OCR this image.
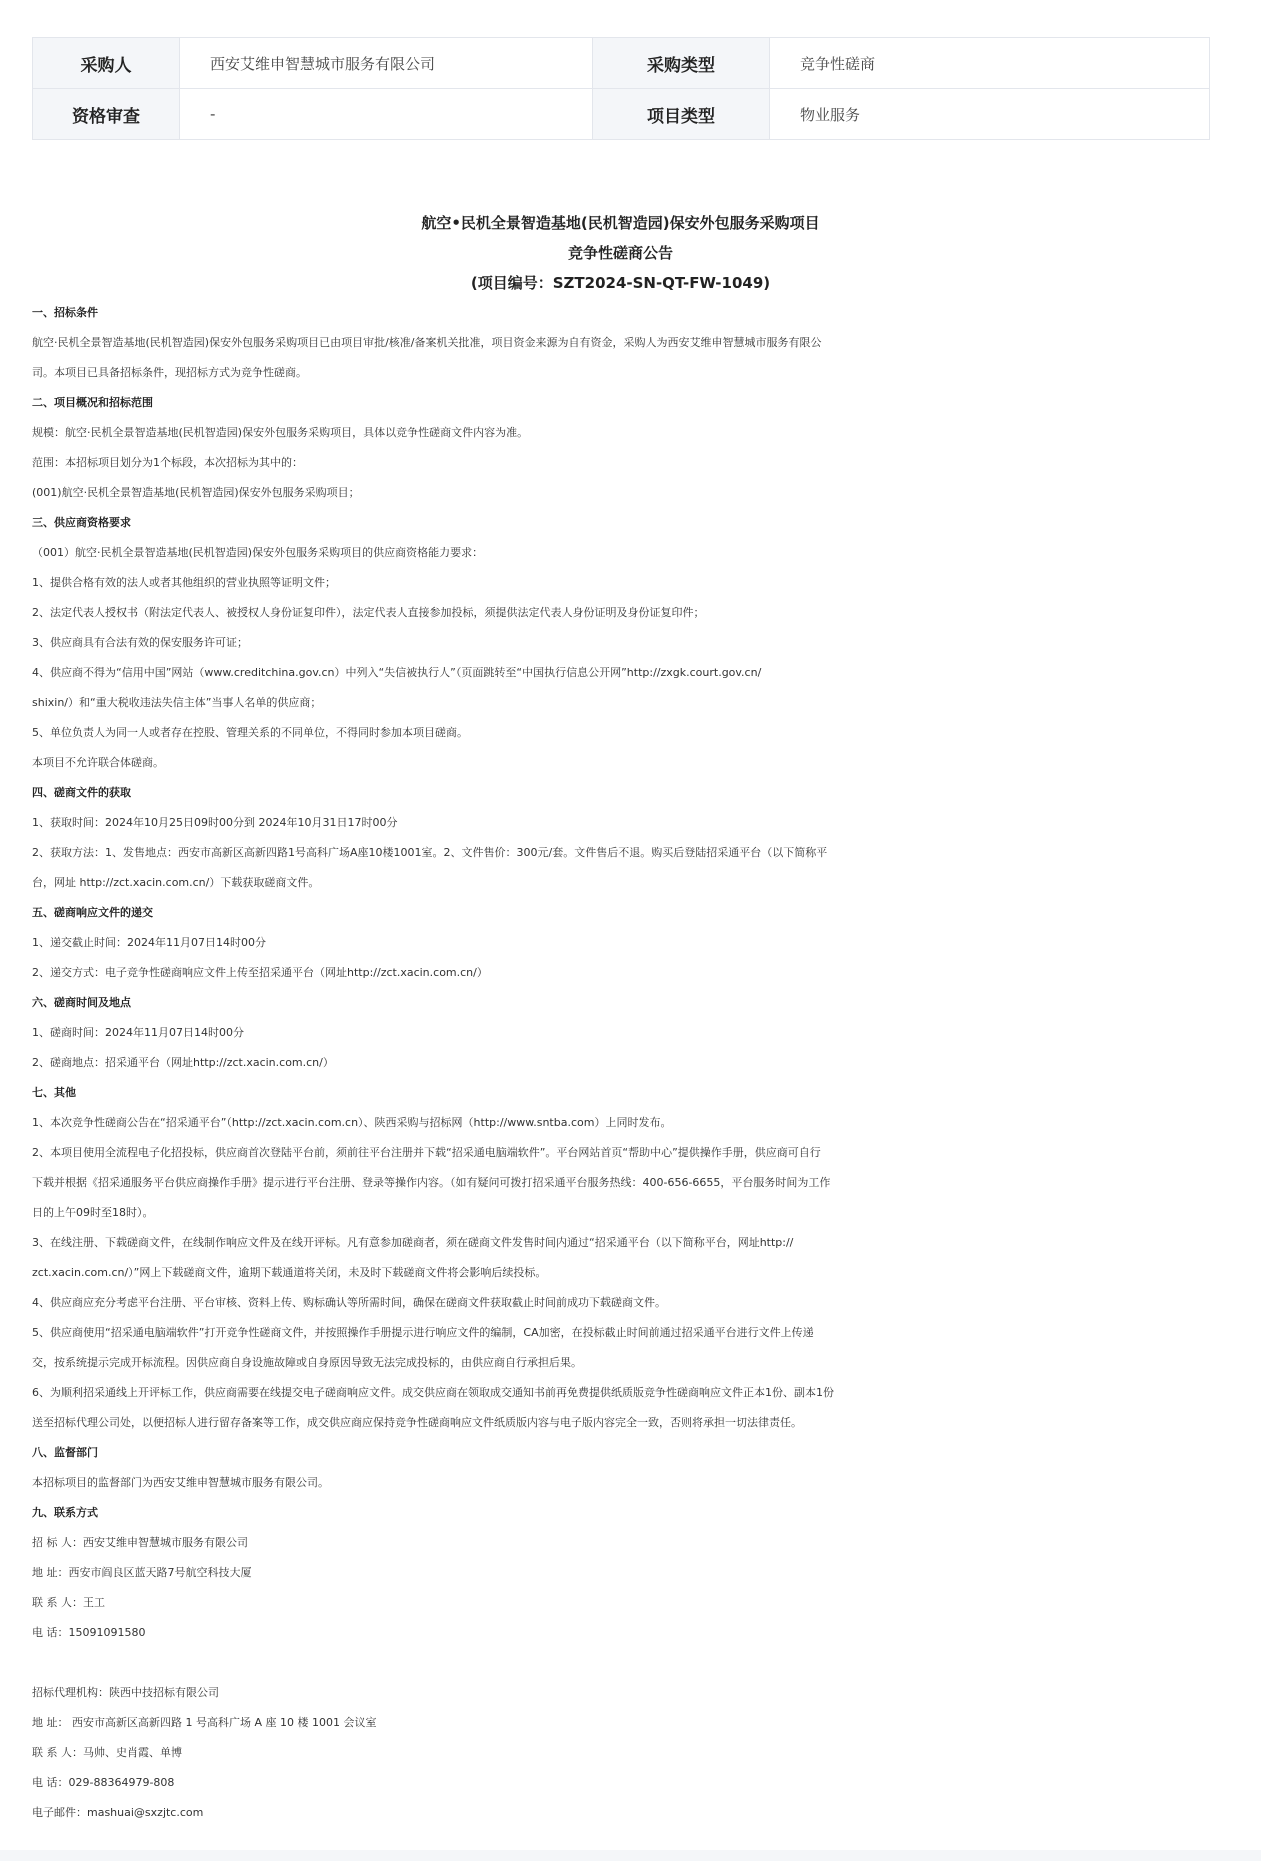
采购人	西安艾维申智慧城市服务有限公司	采购类型	竞争性磋商
资格审查	-	项目类型	物业服务
航空•民机全景智造基地(民机智造园)保安外包服务采购项目
竞争性磋商公告
(项目编号：SZT2024-SN-QT-FW-1049)

一、招标条件

航空·民机全景智造基地(民机智造园)保安外包服务采购项目已由项目审批/核准/备案机关批准，项目资金来源为自有资金，采购人为西安艾维申智慧城市服务有限公

司。本项目已具备招标条件，现招标方式为竞争性磋商。

二、项目概况和招标范围

规模：航空·民机全景智造基地(民机智造园)保安外包服务采购项目，具体以竞争性磋商文件内容为准。

范围：本招标项目划分为1个标段，本次招标为其中的：

(001)航空·民机全景智造基地(民机智造园)保安外包服务采购项目；

三、供应商资格要求

（001）航空·民机全景智造基地(民机智造园)保安外包服务采购项目的供应商资格能力要求：

1、提供合格有效的法人或者其他组织的营业执照等证明文件；

2、法定代表人授权书（附法定代表人、被授权人身份证复印件），法定代表人直接参加投标，须提供法定代表人身份证明及身份证复印件；

3、供应商具有合法有效的保安服务许可证；

4、供应商不得为“信用中国”网站（www.creditchina.gov.cn）中列入“失信被执行人”（页面跳转至“中国执行信息公开网”http://zxgk.court.gov.cn/

shixin/）和“重大税收违法失信主体”当事人名单的供应商；

5、单位负责人为同一人或者存在控股、管理关系的不同单位，不得同时参加本项目磋商。

本项目不允许联合体磋商。

四、磋商文件的获取

1、获取时间：2024年10月25日09时00分到 2024年10月31日17时00分

2、获取方法：1、发售地点：西安市高新区高新四路1号高科广场A座10楼1001室。2、文件售价：300元/套。文件售后不退。购买后登陆招采通平台（以下简称平

台，网址 http://zct.xacin.com.cn/）下载获取磋商文件。

五、磋商响应文件的递交

1、递交截止时间：2024年11月07日14时00分

2、递交方式：电子竞争性磋商响应文件上传至招采通平台（网址http://zct.xacin.com.cn/）

六、磋商时间及地点

1、磋商时间：2024年11月07日14时00分

2、磋商地点：招采通平台（网址http://zct.xacin.com.cn/）

七、其他

1、本次竞争性磋商公告在“招采通平台”（http://zct.xacin.com.cn）、陕西采购与招标网（http://www.sntba.com）上同时发布。

2、本项目使用全流程电子化招投标，供应商首次登陆平台前，须前往平台注册并下载“招采通电脑端软件”。平台网站首页“帮助中心”提供操作手册，供应商可自行

下载并根据《招采通服务平台供应商操作手册》提示进行平台注册、登录等操作内容。（如有疑问可拨打招采通平台服务热线：400-656-6655，平台服务时间为工作

日的上午09时至18时）。

3、在线注册、下载磋商文件，在线制作响应文件及在线开评标。凡有意参加磋商者，须在磋商文件发售时间内通过“招采通平台（以下简称平台，网址http://

zct.xacin.com.cn/）”网上下载磋商文件，逾期下载通道将关闭，未及时下载磋商文件将会影响后续投标。

4、供应商应充分考虑平台注册、平台审核、资料上传、购标确认等所需时间，确保在磋商文件获取截止时间前成功下载磋商文件。

5、供应商使用“招采通电脑端软件”打开竞争性磋商文件，并按照操作手册提示进行响应文件的编制，CA加密，在投标截止时间前通过招采通平台进行文件上传递

交，按系统提示完成开标流程。因供应商自身设施故障或自身原因导致无法完成投标的，由供应商自行承担后果。

6、为顺利招采通线上开评标工作，供应商需要在线提交电子磋商响应文件。成交供应商在领取成交通知书前再免费提供纸质版竞争性磋商响应文件正本1份、副本1份

送至招标代理公司处，以便招标人进行留存备案等工作，成交供应商应保持竞争性磋商响应文件纸质版内容与电子版内容完全一致，否则将承担一切法律责任。

八、监督部门

本招标项目的监督部门为西安艾维申智慧城市服务有限公司。

九、联系方式

招 标 人：西安艾维申智慧城市服务有限公司

地 址：西安市阎良区蓝天路7号航空科技大厦

联 系 人：王工

电 话：15091091580

招标代理机构：陕西中技招标有限公司

地 址： 西安市高新区高新四路 1 号高科广场 A 座 10 楼 1001 会议室

联 系 人：马帅、史肖霞、单博

电 话：029-88364979-808

电子邮件：mashuai@sxzjtc.com
